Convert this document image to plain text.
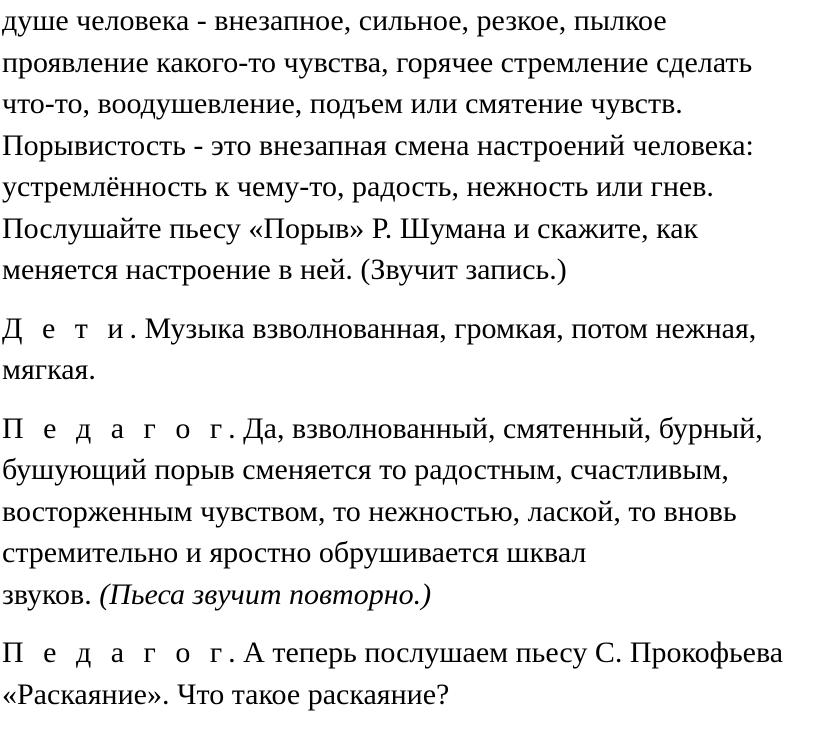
душе человека - внезапное, сильное, резкое, пылкое
проявление какого-то чувства, горячее стремление сделать
что-то, воодушевление, подъем или смятение чувств.
Порывистость - это внезапная смена настроений человека:
устремлённость к чему-то, радость, нежность или гнев.
Послушайте пьесу «Порыв» Р. Шумана и скажите, как
меняется настроение в ней. (Звучит запись.)

Д е т и. Музыка взволнованная, громкая, потом нежная,
мягкая.

П е д а г о г. Да, взволнованный, смятенный, бурный,
бушующий порыв сменяется то радостным, счастливым,
восторженным чувством, то нежностью, лаской, то вновь
стремительно и яростно обрушивается шквал
звуков. (Пьеса звучит повторно.)

П е д а г о г. А теперь послушаем пьесу С. Прокофьева
«Раскаяние». Что такое раскаяние?
